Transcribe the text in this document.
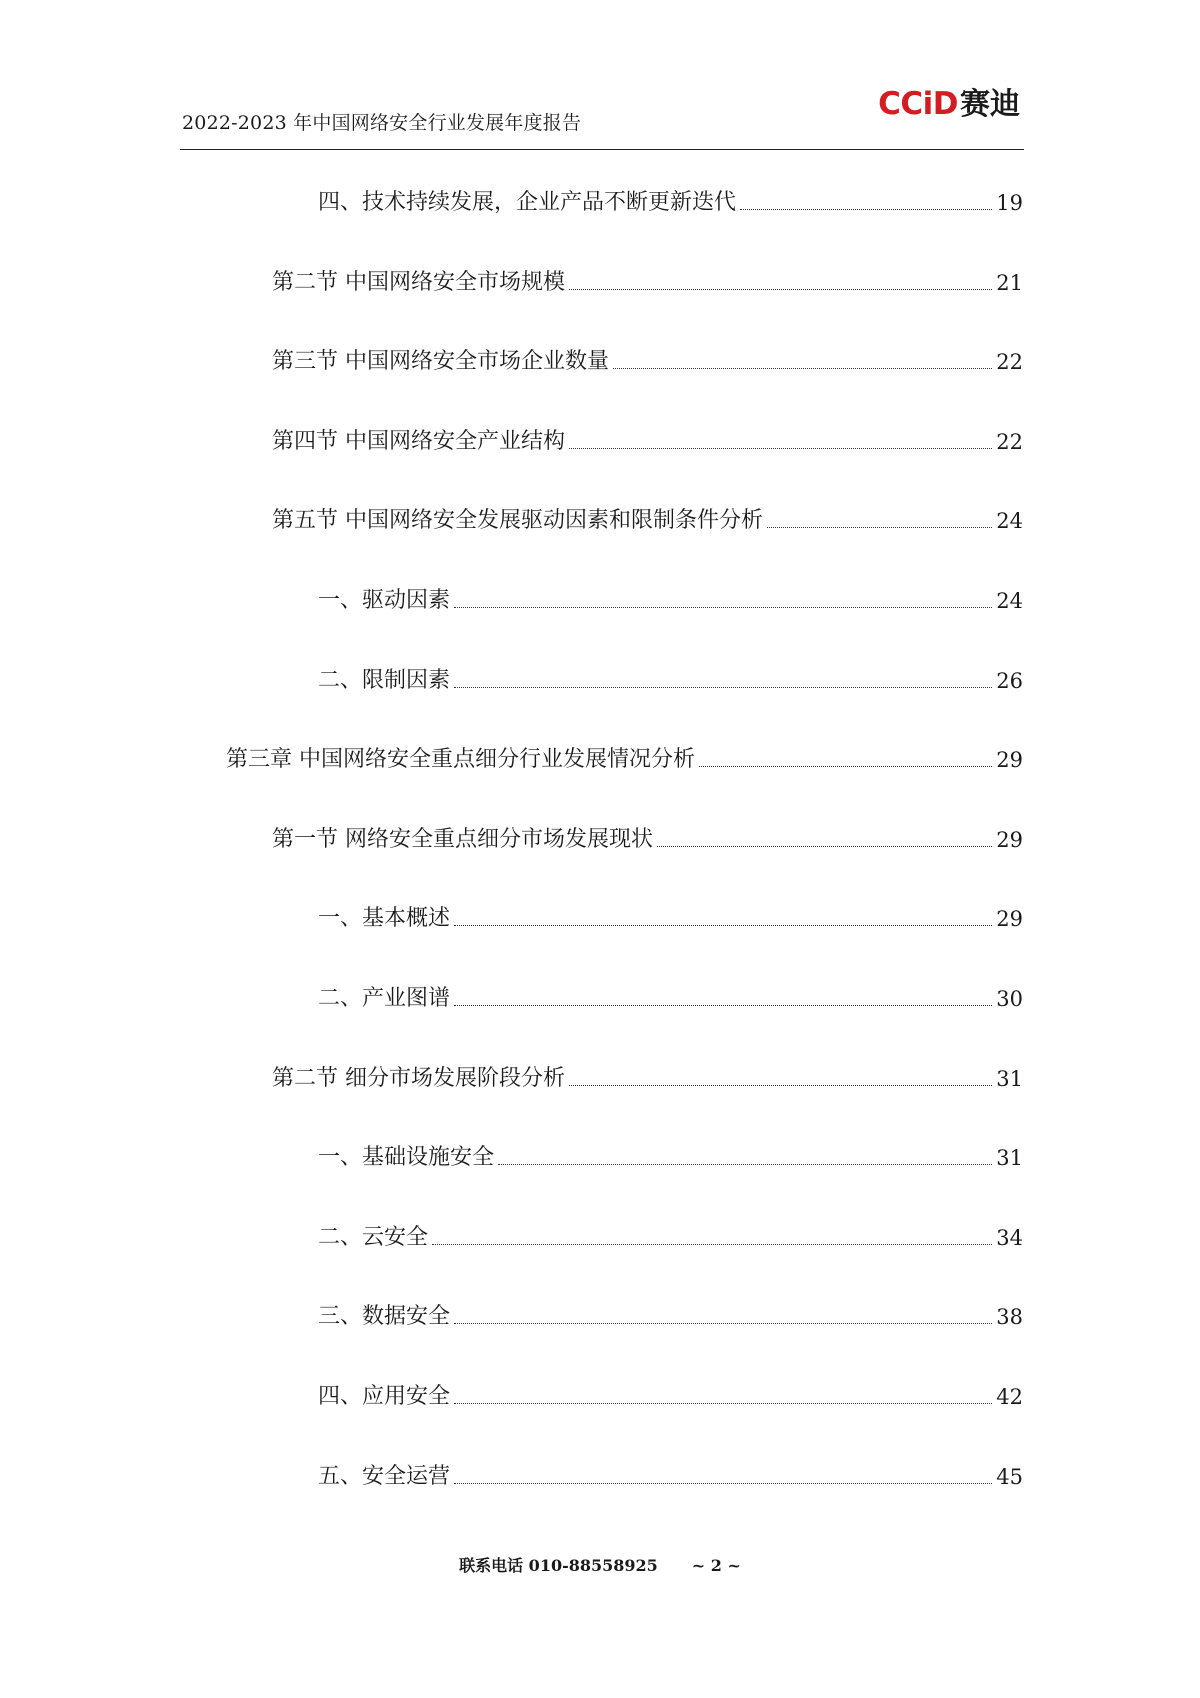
2022-2023 年中国网络安全行业发展年度报告
CCiD 赛迪
四、技术持续发展，企业产品不断更新迭代	19
第二节 中国网络安全市场规模	21
第三节 中国网络安全市场企业数量	22
第四节 中国网络安全产业结构	22
第五节 中国网络安全发展驱动因素和限制条件分析	24
一、驱动因素	24
二、限制因素	26
第三章 中国网络安全重点细分行业发展情况分析	29
第一节 网络安全重点细分市场发展现状	29
一、基本概述	29
二、产业图谱	30
第二节 细分市场发展阶段分析	31
一、基础设施安全	31
二、云安全	34
三、数据安全	38
四、应用安全	42
五、安全运营	45
联系电话 010-88558925 ~ 2 ~
